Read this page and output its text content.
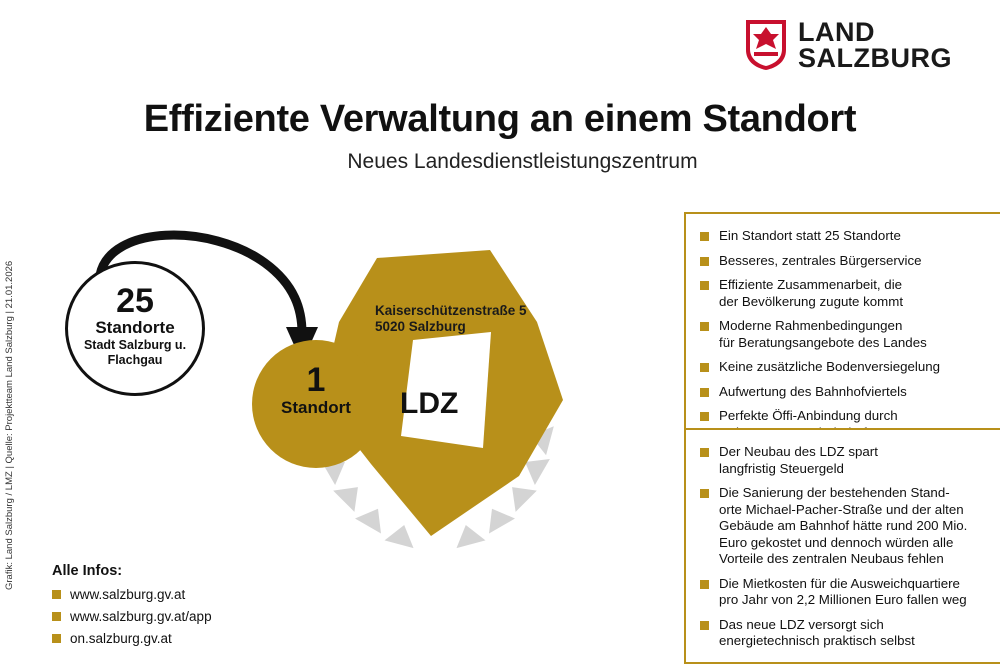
LAND
SALZBURG
Effiziente Verwaltung an einem Standort
Neues Landesdienstleistungszentrum
Grafik: Land Salzburg / LMZ | Quelle: Projektteam Land Salzburg | 21.01.2026	Kaiserschützenstraße 5
5020 Salzburg
LDZ
25
Standorte
Stadt Salzburg u.
Flachgau
1
Standort
Alle Infos:
www.salzburg.gv.at
www.salzburg.gv.at/app
on.salzburg.gv.at
Ein Standort statt 25 Standorte
Besseres, zentrales Bürgerservice
Effiziente Zusammenarbeit, die
der Bevölkerung zugute kommt
Moderne Rahmenbedingungen
für Beratungsangebote des Landes
Keine zusätzliche Bodenversiegelung
Aufwertung des Bahnhofviertels
Perfekte Öffi-Anbindung durch

Der Neubau des LDZ spart
langfristig Steuergeld
Die Sanierung der bestehenden Stand-
orte Michael-Pacher-Straße und der alten
Gebäude am Bahnhof hätte rund 200 Mio.
Euro gekostet und dennoch würden alle
Vorteile des zentralen Neubaus fehlen
Die Mietkosten für die Ausweichquartiere
pro Jahr von 2,2 Millionen Euro fallen weg
Das neue LDZ versorgt sich
energietechnisch praktisch selbst
